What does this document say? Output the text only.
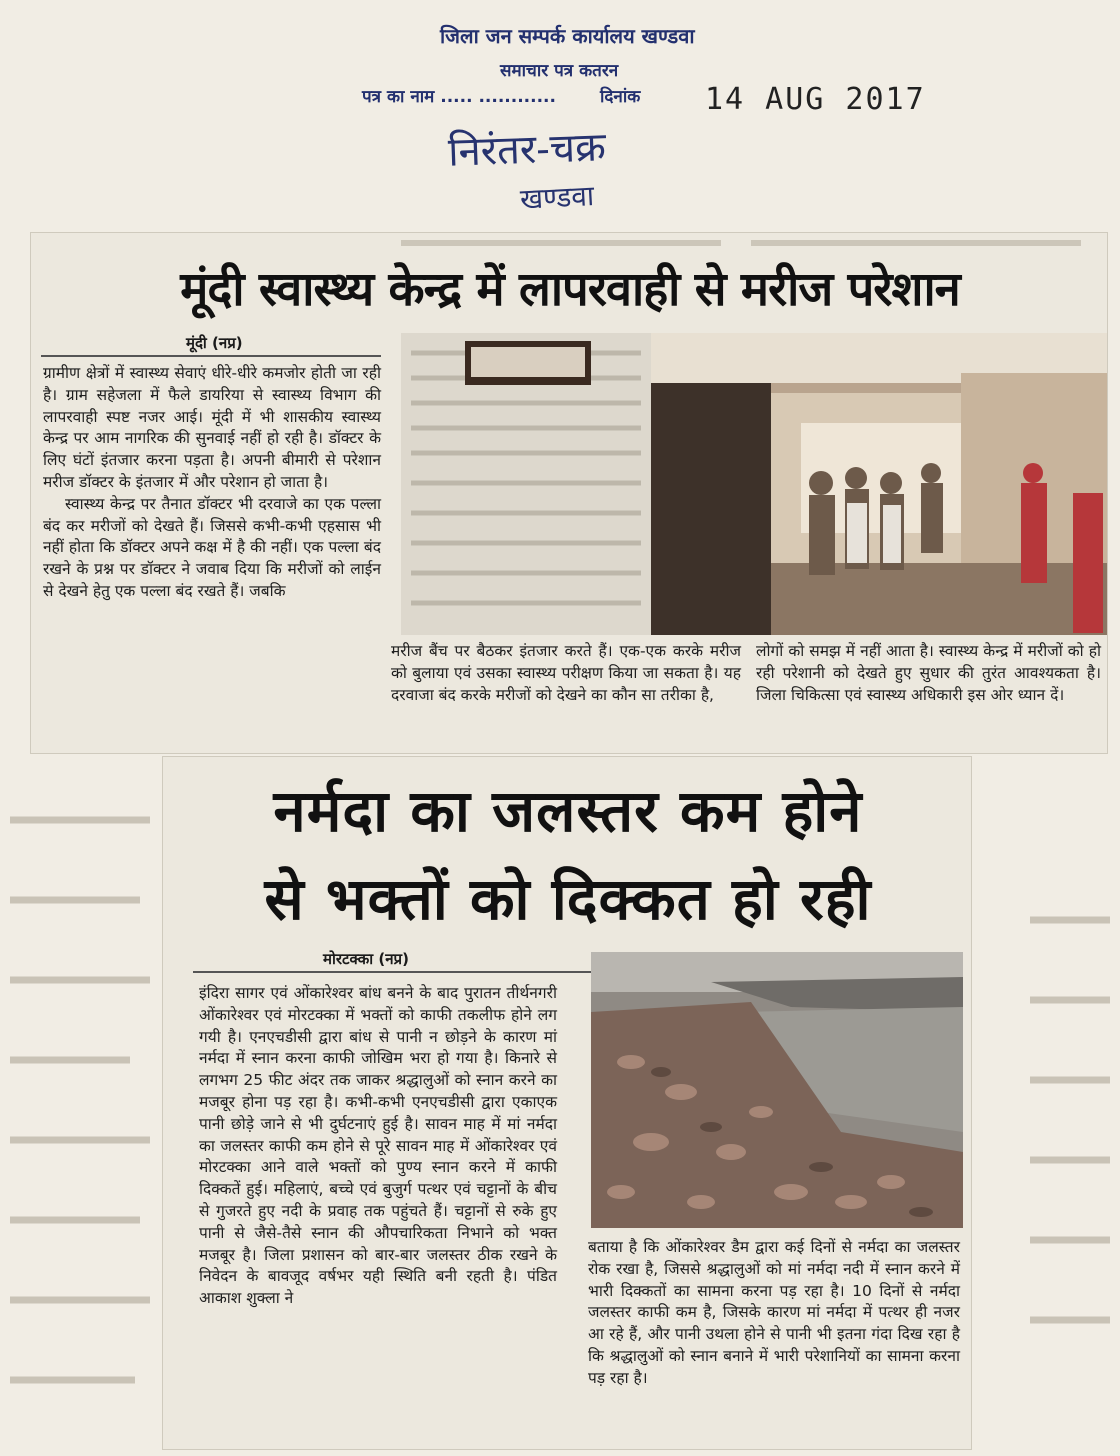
जिला जन सम्पर्क कार्यालय खण्डवा
समाचार पत्र कतरन
पत्र का नाम ..... ............	दिनांक 14 AUG 2017
निरंतर-चक्र
खण्डवा
मूंदी स्वास्थ्य केन्द्र में लापरवाही से मरीज परेशान
मूंदी (नप्र)

ग्रामीण क्षेत्रों में स्वास्थ्य सेवाएं धीरे-धीरे कमजोर होती जा रही है। ग्राम सहेजला में फैले डायरिया से स्वास्थ्य विभाग की लापरवाही स्पष्ट नजर आई। मूंदी में भी शासकीय स्वास्थ्य केन्द्र पर आम नागरिक की सुनवाई नहीं हो रही है। डॉक्टर के लिए घंटों इंतजार करना पड़ता है। अपनी बीमारी से परेशान मरीज डॉक्टर के इंतजार में और परेशान हो जाता है।

स्वास्थ्य केन्द्र पर तैनात डॉक्टर भी दरवाजे का एक पल्ला बंद कर मरीजों को देखते हैं। जिससे कभी-कभी एहसास भी नहीं होता कि डॉक्टर अपने कक्ष में है की नहीं। एक पल्ला बंद रखने के प्रश्न पर डॉक्टर ने जवाब दिया कि मरीजों को लाईन से देखने हेतु एक पल्ला बंद रखते हैं। जबकि

मरीज बैंच पर बैठकर इंतजार करते हैं। एक-एक करके मरीज को बुलाया एवं उसका स्वास्थ्य परीक्षण किया जा सकता है। यह दरवाजा बंद करके मरीजों को देखने का कौन सा तरीका है,
लोगों को समझ में नहीं आता है। स्वास्थ्य केन्द्र में मरीजों को हो रही परेशानी को देखते हुए सुधार की तुरंत आवश्यकता है। जिला चिकित्सा एवं स्वास्थ्य अधिकारी इस ओर ध्यान दें।
नर्मदा का जलस्तर कम होने
से भक्तों को दिक्कत हो रही
मोरटक्का (नप्र)
इंदिरा सागर एवं ओंकारेश्वर बांध बनने के बाद पुरातन तीर्थनगरी ओंकारेश्वर एवं मोरटक्का में भक्तों को काफी तकलीफ होने लग गयी है। एनएचडीसी द्वारा बांध से पानी न छोड़ने के कारण मां नर्मदा में स्नान करना काफी जोखिम भरा हो गया है। किनारे से लगभग 25 फीट अंदर तक जाकर श्रद्धालुओं को स्नान करने का मजबूर होना पड़ रहा है। कभी-कभी एनएचडीसी द्वारा एकाएक पानी छोड़े जाने से भी दुर्घटनाएं हुई है। सावन माह में मां नर्मदा का जलस्तर काफी कम होने से पूरे सावन माह में ओंकारेश्वर एवं मोरटक्का आने वाले भक्तों को पुण्य स्नान करने में काफी दिक्कतें हुई। महिलाएं, बच्चे एवं बुजुर्ग पत्थर एवं चट्टानों के बीच से गुजरते हुए नदी के प्रवाह तक पहुंचते हैं। चट्टानों से रुके हुए पानी से जैसे-तैसे स्नान की औपचारिकता निभाने को भक्त मजबूर है। जिला प्रशासन को बार-बार जलस्तर ठीक रखने के निवेदन के बावजूद वर्षभर यही स्थिति बनी रहती है। पंडित आकाश शुक्ला ने
बताया है कि ओंकारेश्वर डैम द्वारा कई दिनों से नर्मदा का जलस्तर रोक रखा है, जिससे श्रद्धालुओं को मां नर्मदा नदी में स्नान करने में भारी दिक्कतों का सामना करना पड़ रहा है। 10 दिनों से नर्मदा जलस्तर काफी कम है, जिसके कारण मां नर्मदा में पत्थर ही नजर आ रहे हैं, और पानी उथला होने से पानी भी इतना गंदा दिख रहा है कि श्रद्धालुओं को स्नान बनाने में भारी परेशानियों का सामना करना पड़ रहा है।
